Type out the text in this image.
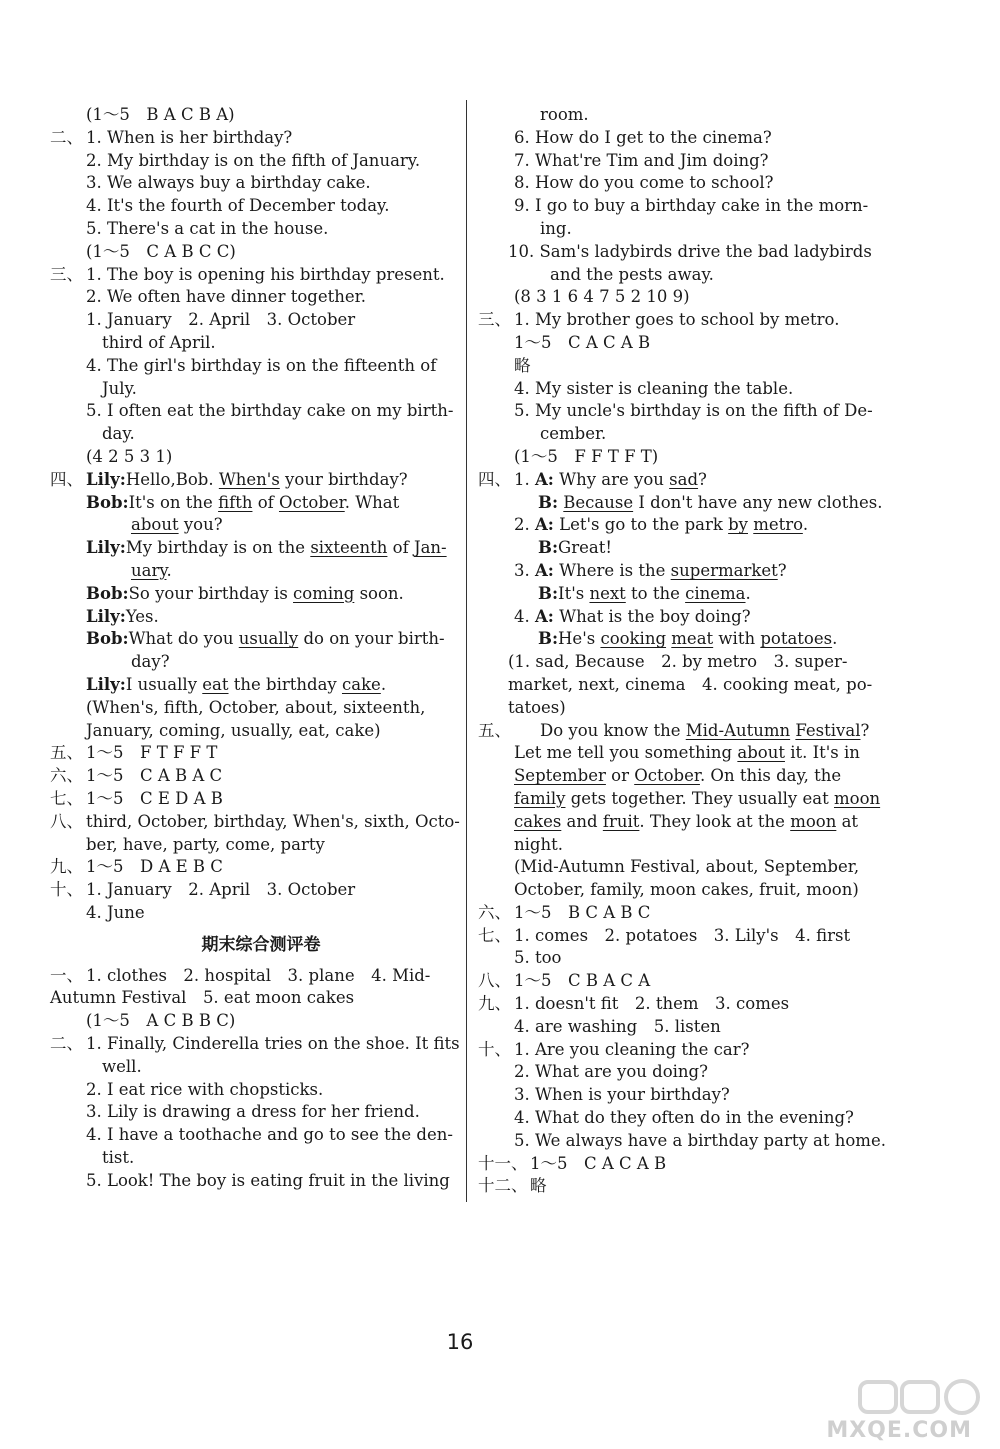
(1～5　B A C B A)
二、 1. When is her birthday?
2. My birthday is on the fifth of January.
3. We always buy a birthday cake.
4. It's the fourth of December today.
5. There's a cat in the house.
(1～5　C A B C C)
三、 1. The boy is opening his birthday present.
2. We often have dinner together.
1. January　2. April　3. October
third of April.
4. The girl's birthday is on the fifteenth of
July.
5. I often eat the birthday cake on my birth-
day.
(4 2 5 3 1)
四、 Lily:Hello,Bob. When's your birthday?
Bob:It's on the fifth of October. What
about you?
Lily:My birthday is on the sixteenth of Jan-
uary.
Bob:So your birthday is coming soon.
Lily:Yes.
Bob:What do you usually do on your birth-
day?
Lily:I usually eat the birthday cake.
(When's, fifth, October, about, sixteenth,
January, coming, usually, eat, cake)
五、 1～5　F T F F T
六、 1～5　C A B A C
七、 1～5　C E D A B
八、 third, October, birthday, When's, sixth, Octo-
ber, have, party, come, party
九、 1～5　D A E B C
十、 1. January　2. April　3. October
4. June
期末综合测评卷
一、 1. clothes　2. hospital　3. plane　4. Mid-
Autumn Festival　5. eat moon cakes
(1～5　A C B B C)
二、 1. Finally, Cinderella tries on the shoe. It fits
well.
2. I eat rice with chopsticks.
3. Lily is drawing a dress for her friend.
4. I have a toothache and go to see the den-
tist.
5. Look! The boy is eating fruit in the living
room.
6. How do I get to the cinema?
7. What're Tim and Jim doing?
8. How do you come to school?
9. I go to buy a birthday cake in the morn-
ing.
10. Sam's ladybirds drive the bad ladybirds
and the pests away.
(8 3 1 6 4 7 5 2 10 9)
三、 1. My brother goes to school by metro.
1～5　C A C A B
略
4. My sister is cleaning the table.
5. My uncle's birthday is on the fifth of De-
cember.
(1～5　F F T F T)
四、 1. A: Why are you sad?
B: Because I don't have any new clothes.
2. A: Let's go to the park by metro.
B:Great!
3. A: Where is the supermarket?
B:It's next to the cinema.
4. A: What is the boy doing?
B:He's cooking meat with potatoes.
(1. sad, Because　2. by metro　3. super-
market, next, cinema　4. cooking meat, po-
tatoes)
五、 Do you know the Mid-Autumn Festival?
Let me tell you something about it. It's in
September or October. On this day, the
family gets together. They usually eat moon
cakes and fruit. They look at the moon at
night.
(Mid-Autumn Festival, about, September,
October, family, moon cakes, fruit, moon)
六、 1～5　B C A B C
七、 1. comes　2. potatoes　3. Lily's　4. first
5. too
八、 1～5　C B A C A
九、 1. doesn't fit　2. them　3. comes
4. are washing　5. listen
十、 1. Are you cleaning the car?
2. What are you doing?
3. When is your birthday?
4. What do they often do in the evening?
5. We always have a birthday party at home.
十一、 1～5　C A C A B
十二、 略
16
MXQE.COM
